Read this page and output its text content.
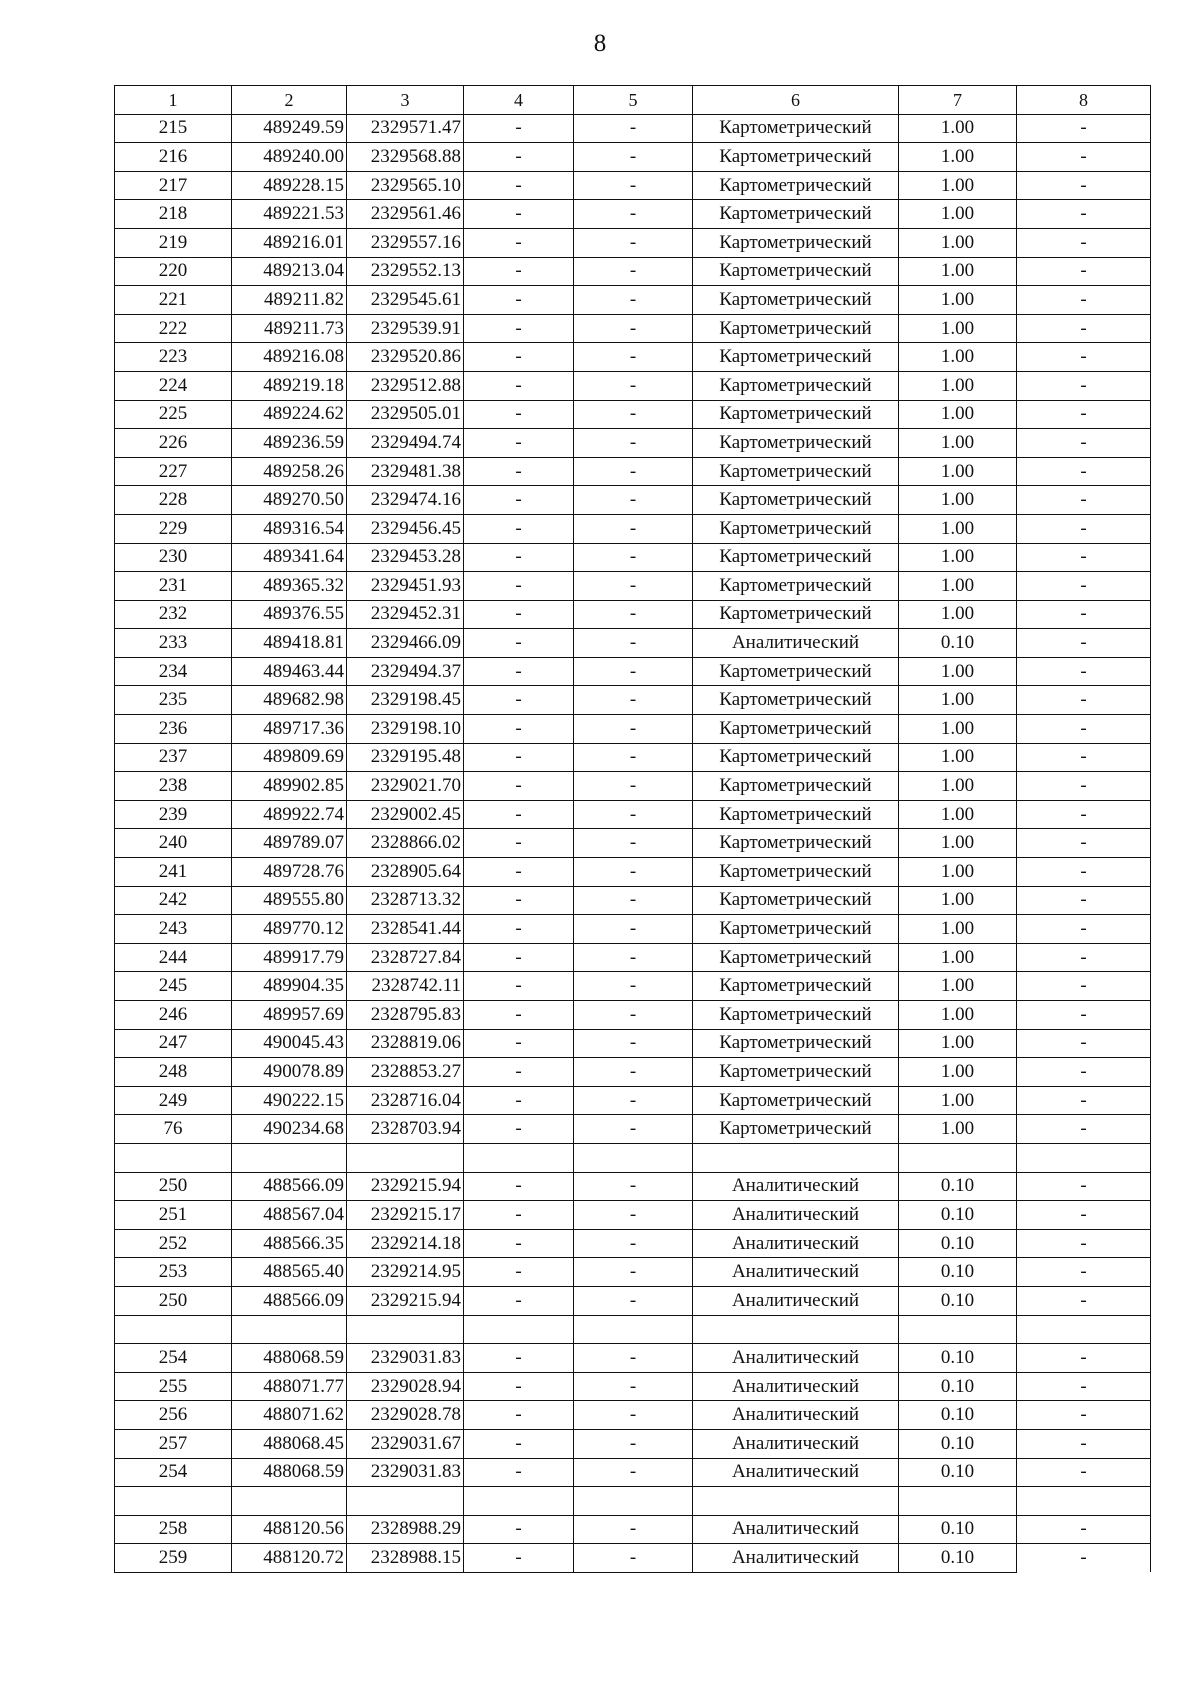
8
1	2	3	4	5	6	7	8
215	489249.59	2329571.47	-	-	Картометрический	1.00	-
216	489240.00	2329568.88	-	-	Картометрический	1.00	-
217	489228.15	2329565.10	-	-	Картометрический	1.00	-
218	489221.53	2329561.46	-	-	Картометрический	1.00	-
219	489216.01	2329557.16	-	-	Картометрический	1.00	-
220	489213.04	2329552.13	-	-	Картометрический	1.00	-
221	489211.82	2329545.61	-	-	Картометрический	1.00	-
222	489211.73	2329539.91	-	-	Картометрический	1.00	-
223	489216.08	2329520.86	-	-	Картометрический	1.00	-
224	489219.18	2329512.88	-	-	Картометрический	1.00	-
225	489224.62	2329505.01	-	-	Картометрический	1.00	-
226	489236.59	2329494.74	-	-	Картометрический	1.00	-
227	489258.26	2329481.38	-	-	Картометрический	1.00	-
228	489270.50	2329474.16	-	-	Картометрический	1.00	-
229	489316.54	2329456.45	-	-	Картометрический	1.00	-
230	489341.64	2329453.28	-	-	Картометрический	1.00	-
231	489365.32	2329451.93	-	-	Картометрический	1.00	-
232	489376.55	2329452.31	-	-	Картометрический	1.00	-
233	489418.81	2329466.09	-	-	Аналитический	0.10	-
234	489463.44	2329494.37	-	-	Картометрический	1.00	-
235	489682.98	2329198.45	-	-	Картометрический	1.00	-
236	489717.36	2329198.10	-	-	Картометрический	1.00	-
237	489809.69	2329195.48	-	-	Картометрический	1.00	-
238	489902.85	2329021.70	-	-	Картометрический	1.00	-
239	489922.74	2329002.45	-	-	Картометрический	1.00	-
240	489789.07	2328866.02	-	-	Картометрический	1.00	-
241	489728.76	2328905.64	-	-	Картометрический	1.00	-
242	489555.80	2328713.32	-	-	Картометрический	1.00	-
243	489770.12	2328541.44	-	-	Картометрический	1.00	-
244	489917.79	2328727.84	-	-	Картометрический	1.00	-
245	489904.35	2328742.11	-	-	Картометрический	1.00	-
246	489957.69	2328795.83	-	-	Картометрический	1.00	-
247	490045.43	2328819.06	-	-	Картометрический	1.00	-
248	490078.89	2328853.27	-	-	Картометрический	1.00	-
249	490222.15	2328716.04	-	-	Картометрический	1.00	-
76	490234.68	2328703.94	-	-	Картометрический	1.00	-

250	488566.09	2329215.94	-	-	Аналитический	0.10	-
251	488567.04	2329215.17	-	-	Аналитический	0.10	-
252	488566.35	2329214.18	-	-	Аналитический	0.10	-
253	488565.40	2329214.95	-	-	Аналитический	0.10	-
250	488566.09	2329215.94	-	-	Аналитический	0.10	-

254	488068.59	2329031.83	-	-	Аналитический	0.10	-
255	488071.77	2329028.94	-	-	Аналитический	0.10	-
256	488071.62	2329028.78	-	-	Аналитический	0.10	-
257	488068.45	2329031.67	-	-	Аналитический	0.10	-
254	488068.59	2329031.83	-	-	Аналитический	0.10	-

258	488120.56	2328988.29	-	-	Аналитический	0.10	-
259	488120.72	2328988.15	-	-	Аналитический	0.10	-
